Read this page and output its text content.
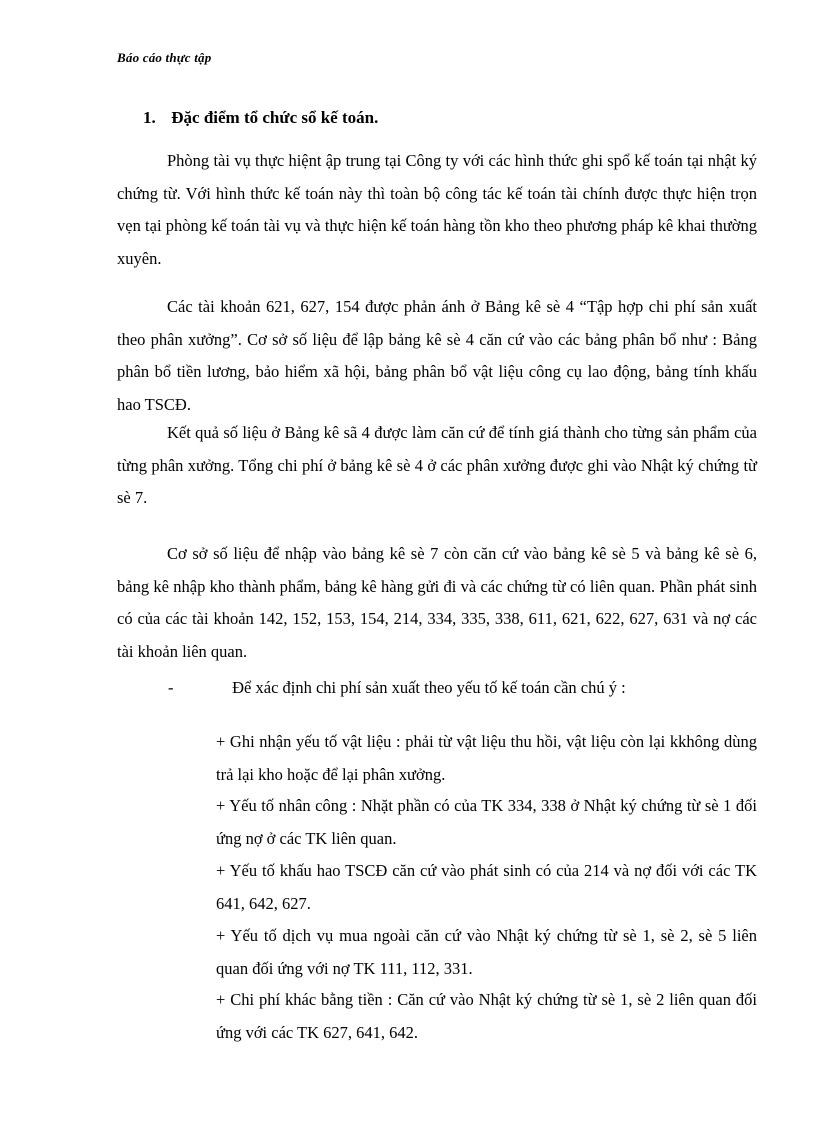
Báo cáo thực tập
1. Đặc điểm tổ chức sổ kế toán.

Phòng tài vụ thực hiệnt ập trung tại Công ty với các hình thức ghi spổ kế toán tại nhật ký chứng từ. Với hình thức kế toán này thì toàn bộ công tác kế toán tài chính được thực hiện trọn vẹn tại phòng kế toán tài vụ và thực hiện kế toán hàng tồn kho theo phương pháp kê khai thường xuyên.

Các tài khoản 621, 627, 154 được phản ánh ở Bảng kê sè 4 “Tập hợp chi phí sản xuất theo phân xưởng”. Cơ sở số liệu để lập bảng kê sè 4 căn cứ vào các bảng phân bổ như : Bảng phân bổ tiền lương, bảo hiểm xã hội, bảng phân bổ vật liệu công cụ lao động, bảng tính khấu hao TSCĐ.

Kết quả số liệu ở Bảng kê sã 4 được làm căn cứ để tính giá thành cho từng sản phẩm của từng phân xưởng. Tổng chi phí ở bảng kê sè 4 ở các phân xưởng được ghi vào Nhật ký chứng từ sè 7.

Cơ sở số liệu để nhập vào bảng kê sè 7 còn căn cứ vào bảng kê sè 5 và bảng kê sè 6, bảng kê nhập kho thành phẩm, bảng kê hàng gửi đi và các chứng từ có liên quan. Phần phát sinh có của các tài khoản 142, 152, 153, 154, 214, 334, 335, 338, 611, 621, 622, 627, 631 và nợ các tài khoản liên quan.

-	Để xác định chi phí sản xuất theo yếu tố kế toán cần chú ý :

+ Ghi nhận yếu tố vật liệu : phải từ vật liệu thu hồi, vật liệu còn lại kkhông dùng trả lại kho hoặc để lại phân xưởng.

+ Yếu tố nhân công : Nhặt phần có của TK 334, 338 ở Nhật ký chứng từ sè 1 đối ứng nợ ở các TK liên quan.

+ Yếu tố khấu hao TSCĐ căn cứ vào phát sinh có của 214 và nợ đối với các TK 641, 642, 627.

+ Yếu tố dịch vụ mua ngoài căn cứ vào Nhật ký chứng từ sè 1, sè 2, sè 5 liên quan đối ứng với nợ TK 111, 112, 331.

+ Chi phí khác bằng tiền : Căn cứ vào Nhật ký chứng từ sè 1, sè 2 liên quan đối ứng với các TK 627, 641, 642.
